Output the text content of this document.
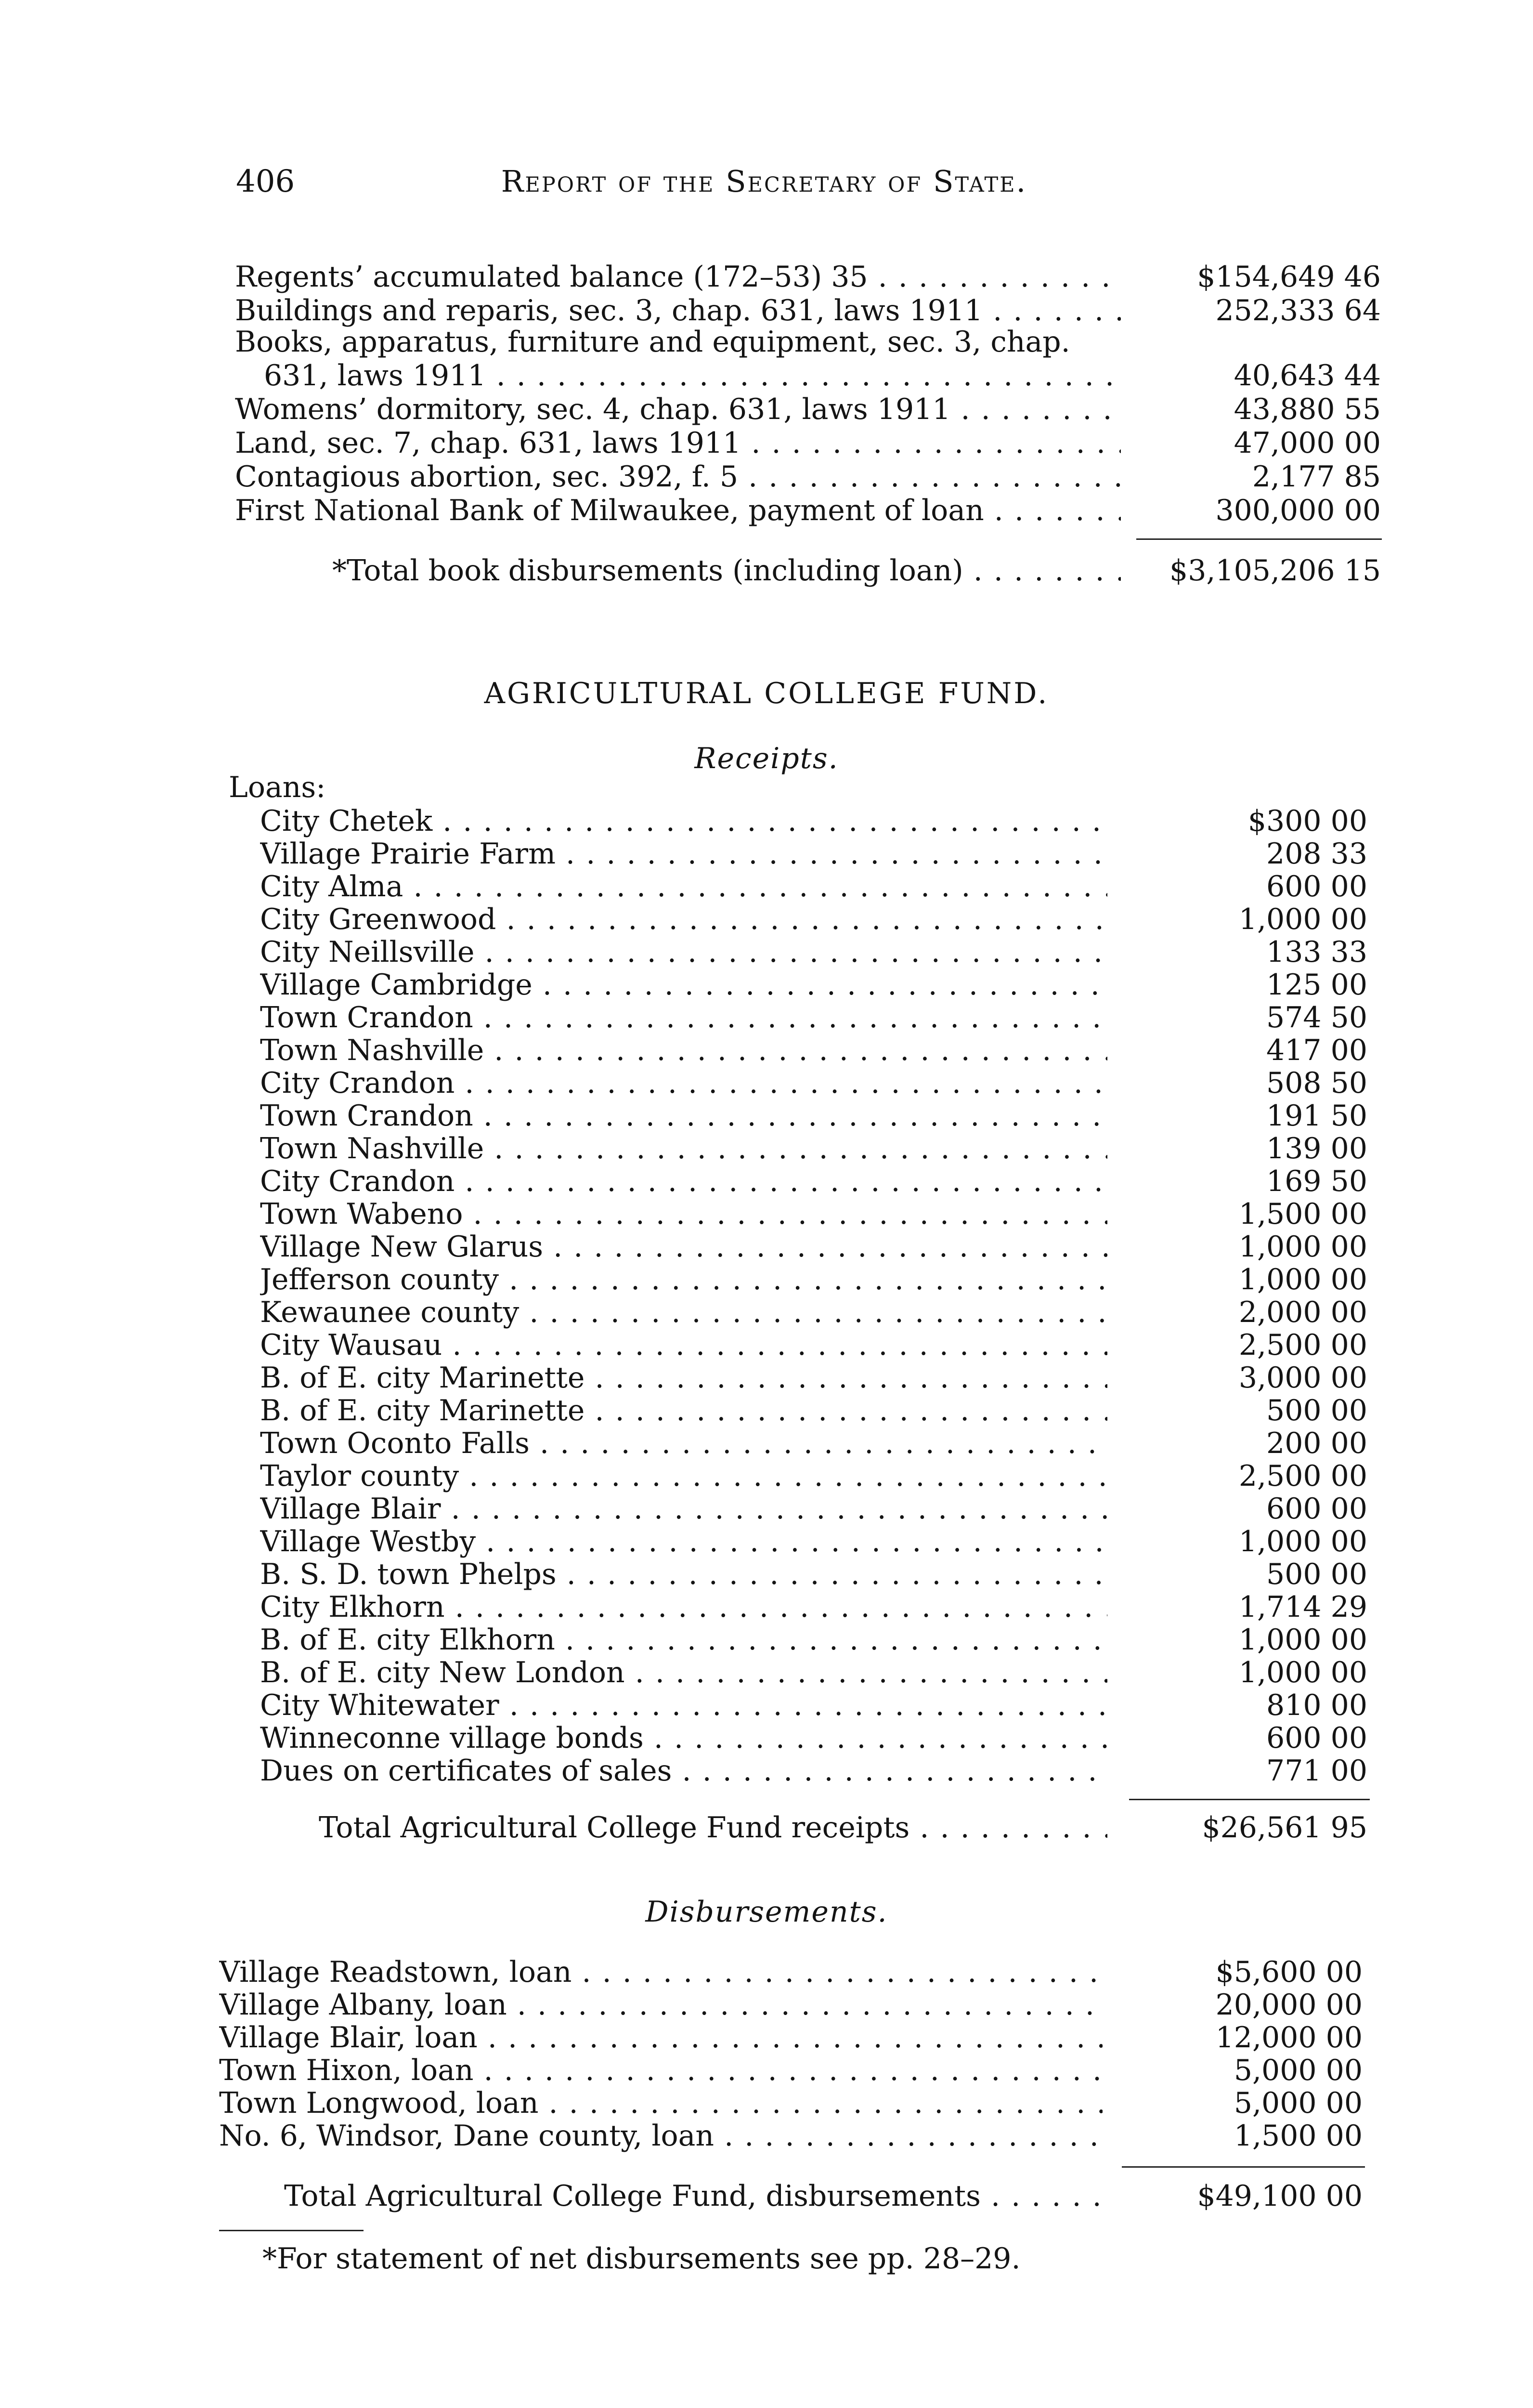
406	Report of the Secretary of State.
Regents’ accumulated balance (172–53) 35 . . .	$154,649 46
Buildings and reparis, sec. 3, chap. 631, laws 1911 . . .	252,333 64
Books, apparatus, furniture and equipment, sec. 3, chap.
631, laws 1911 . . .	40,643 44
Womens’ dormitory, sec. 4, chap. 631, laws 1911 . . .	43,880 55
Land, sec. 7, chap. 631, laws 1911 . . .	47,000 00
Contagious abortion, sec. 392, f. 5 . . .	2,177 85
First National Bank of Milwaukee, payment of loan . . .	300,000 00
*Total book disbursements (including loan) . . .	$3,105,206 15
AGRICULTURAL COLLEGE FUND.
Receipts.
Loans:
City Chetek . . .	$300 00
Village Prairie Farm . . .	208 33
City Alma . . .	600 00
City Greenwood . . .	1,000 00
City Neillsville . . .	133 33
Village Cambridge . . .	125 00
Town Crandon . . .	574 50
Town Nashville . . .	417 00
City Crandon . . .	508 50
Town Crandon . . .	191 50
Town Nashville . . .	139 00
City Crandon . . .	169 50
Town Wabeno . . .	1,500 00
Village New Glarus . . .	1,000 00
Jefferson county . . .	1,000 00
Kewaunee county . . .	2,000 00
City Wausau . . .	2,500 00
B. of E. city Marinette . . .	3,000 00
B. of E. city Marinette . . .	500 00
Town Oconto Falls . . .	200 00
Taylor county . . .	2,500 00
Village Blair . . .	600 00
Village Westby . . .	1,000 00
B. S. D. town Phelps . . .	500 00
City Elkhorn . . .	1,714 29
B. of E. city Elkhorn . . .	1,000 00
B. of E. city New London . . .	1,000 00
City Whitewater . . .	810 00
Winneconne village bonds . . .	600 00
Dues on certificates of sales . . .	771 00
Total Agricultural College Fund receipts . . .	$26,561 95
Disbursements.
Village Readstown, loan . . .	$5,600 00
Village Albany, loan . . .	20,000 00
Village Blair, loan . . .	12,000 00
Town Hixon, loan . . .	5,000 00
Town Longwood, loan . . .	5,000 00
No. 6, Windsor, Dane county, loan . . .	1,500 00
Total Agricultural College Fund, disbursements . . .	$49,100 00
*For statement of net disbursements see pp. 28–29.
